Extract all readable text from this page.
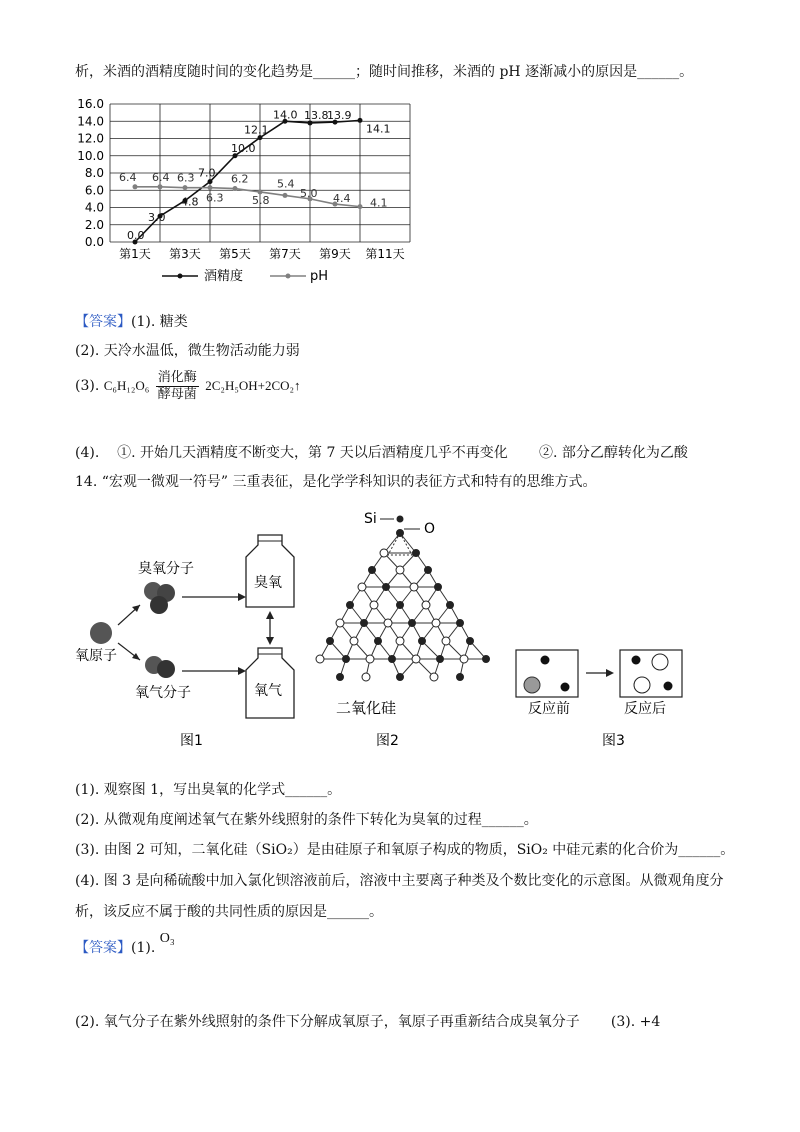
析，米酒的酒精度随时间的变化趋势是______；随时间推移，米酒的 pH 逐渐减小的原因是______。
0.0
2.0
4.0
6.0
8.0
10.0
12.0
14.0
16.0
第1天 第3天 第5天 第7天 第9天 第11天
0.0
3.0
4.8
7.0
10.0
12.1
14.0 13.8
13.9
14.1
6.4 6.4 6.3
6.3
6.2
5.8
5.4
5.0 4.4 4.1
酒精度	pH
【答案】(1). 糖类
(2). 天冷水温低，微生物活动能力弱
(3). $C_6H_{12}O_6 \frac{\text{消化酶}}{\text{酵母菌}}$ 2C₂H₅OH+2CO₂↑
(4). ①. 开始几天酒精度不断变大，第 7 天以后酒精度几乎不再变化 ②. 部分乙醇转化为乙酸
14. “宏观一微观一符号” 三重表征，是化学学科知识的表征方式和特有的思维方式。
臭氧分子
氧原子
氧气分子
臭氧
氧气
图1
Si
O
二氧化硅
图2
反应前	反应后
图3
(1). 观察图 1，写出臭氧的化学式______。
(2). 从微观角度阐述氧气在紫外线照射的条件下转化为臭氧的过程______。
(3). 由图 2 可知，二氧化硅（SiO₂）是由硅原子和氧原子构成的物质，SiO₂ 中硅元素的化合价为______。
(4). 图 3 是向稀硫酸中加入氯化钡溶液前后，溶液中主要离子种类及个数比变化的示意图。从微观角度分
析，该反应不属于酸的共同性质的原因是______。
【答案】(1). O₃
(2). 氧气分子在紫外线照射的条件下分解成氧原子，氧原子再重新结合成臭氧分子 (3). +4
